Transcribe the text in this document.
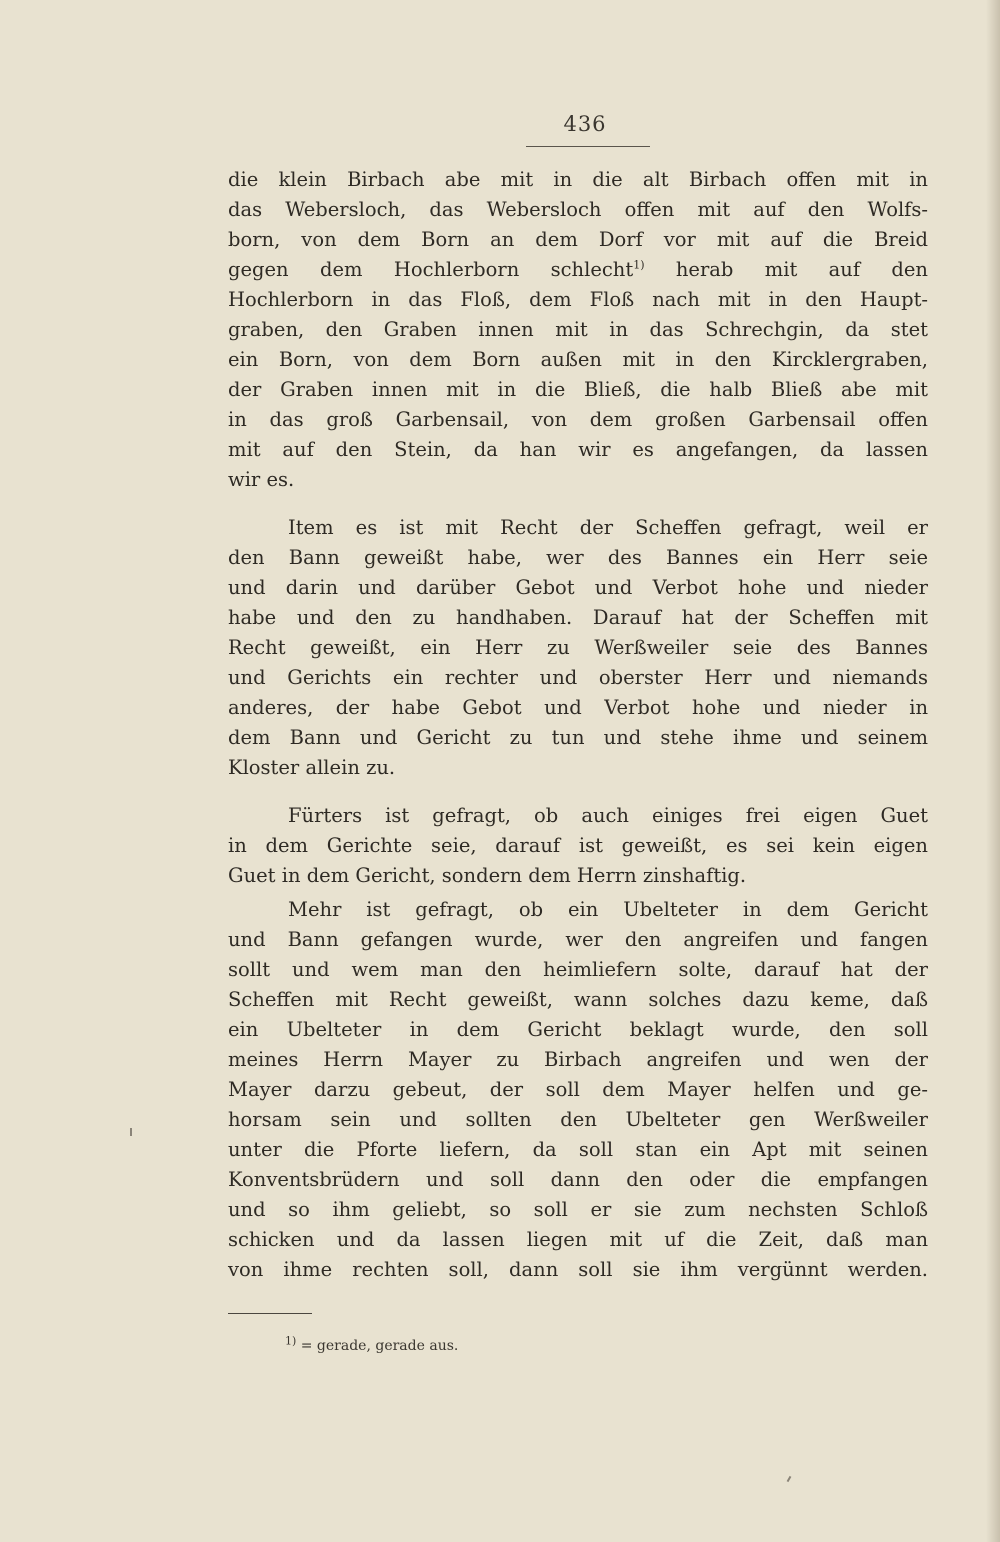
436
die klein Birbach abe mit in die alt Birbach offen mit in
das Webersloch, das Webersloch offen mit auf den Wolfs-
born, von dem Born an dem Dorf vor mit auf die Breid
gegen dem Hochlerborn schlecht$^{1)}$ herab mit auf den
Hochlerborn in das Floß, dem Floß nach mit in den Haupt-
graben, den Graben innen mit in das Schrechgin, da stet
ein Born, von dem Born außen mit in den Kircklergraben,
der Graben innen mit in die Bließ, die halb Bließ abe mit
in das groß Garbensail, von dem großen Garbensail offen
mit auf den Stein, da han wir es angefangen, da lassen
wir es.
Item es ist mit Recht der Scheffen gefragt, weil er
den Bann geweißt habe, wer des Bannes ein Herr seie
und darin und darüber Gebot und Verbot hohe und nieder
habe und den zu handhaben. Darauf hat der Scheffen mit
Recht geweißt, ein Herr zu Werßweiler seie des Bannes
und Gerichts ein rechter und oberster Herr und niemands
anderes, der habe Gebot und Verbot hohe und nieder in
dem Bann und Gericht zu tun und stehe ihme und seinem
Kloster allein zu.
Fürters ist gefragt, ob auch einiges frei eigen Guet
in dem Gerichte seie, darauf ist geweißt, es sei kein eigen
Guet in dem Gericht, sondern dem Herrn zinshaftig.
Mehr ist gefragt, ob ein Ubelteter in dem Gericht
und Bann gefangen wurde, wer den angreifen und fangen
sollt und wem man den heimliefern solte, darauf hat der
Scheffen mit Recht geweißt, wann solches dazu keme, daß
ein Ubelteter in dem Gericht beklagt wurde, den soll
meines Herrn Mayer zu Birbach angreifen und wen der
Mayer darzu gebeut, der soll dem Mayer helfen und ge-
horsam sein und sollten den Ubelteter gen Werßweiler
unter die Pforte liefern, da soll stan ein Apt mit seinen
Konventsbrüdern und soll dann den oder die empfangen
und so ihm geliebt, so soll er sie zum nechsten Schloß
schicken und da lassen liegen mit uf die Zeit, daß man
von ihme rechten soll, dann soll sie ihm vergünnt werden.
$^{1)}$ = gerade, gerade aus.
